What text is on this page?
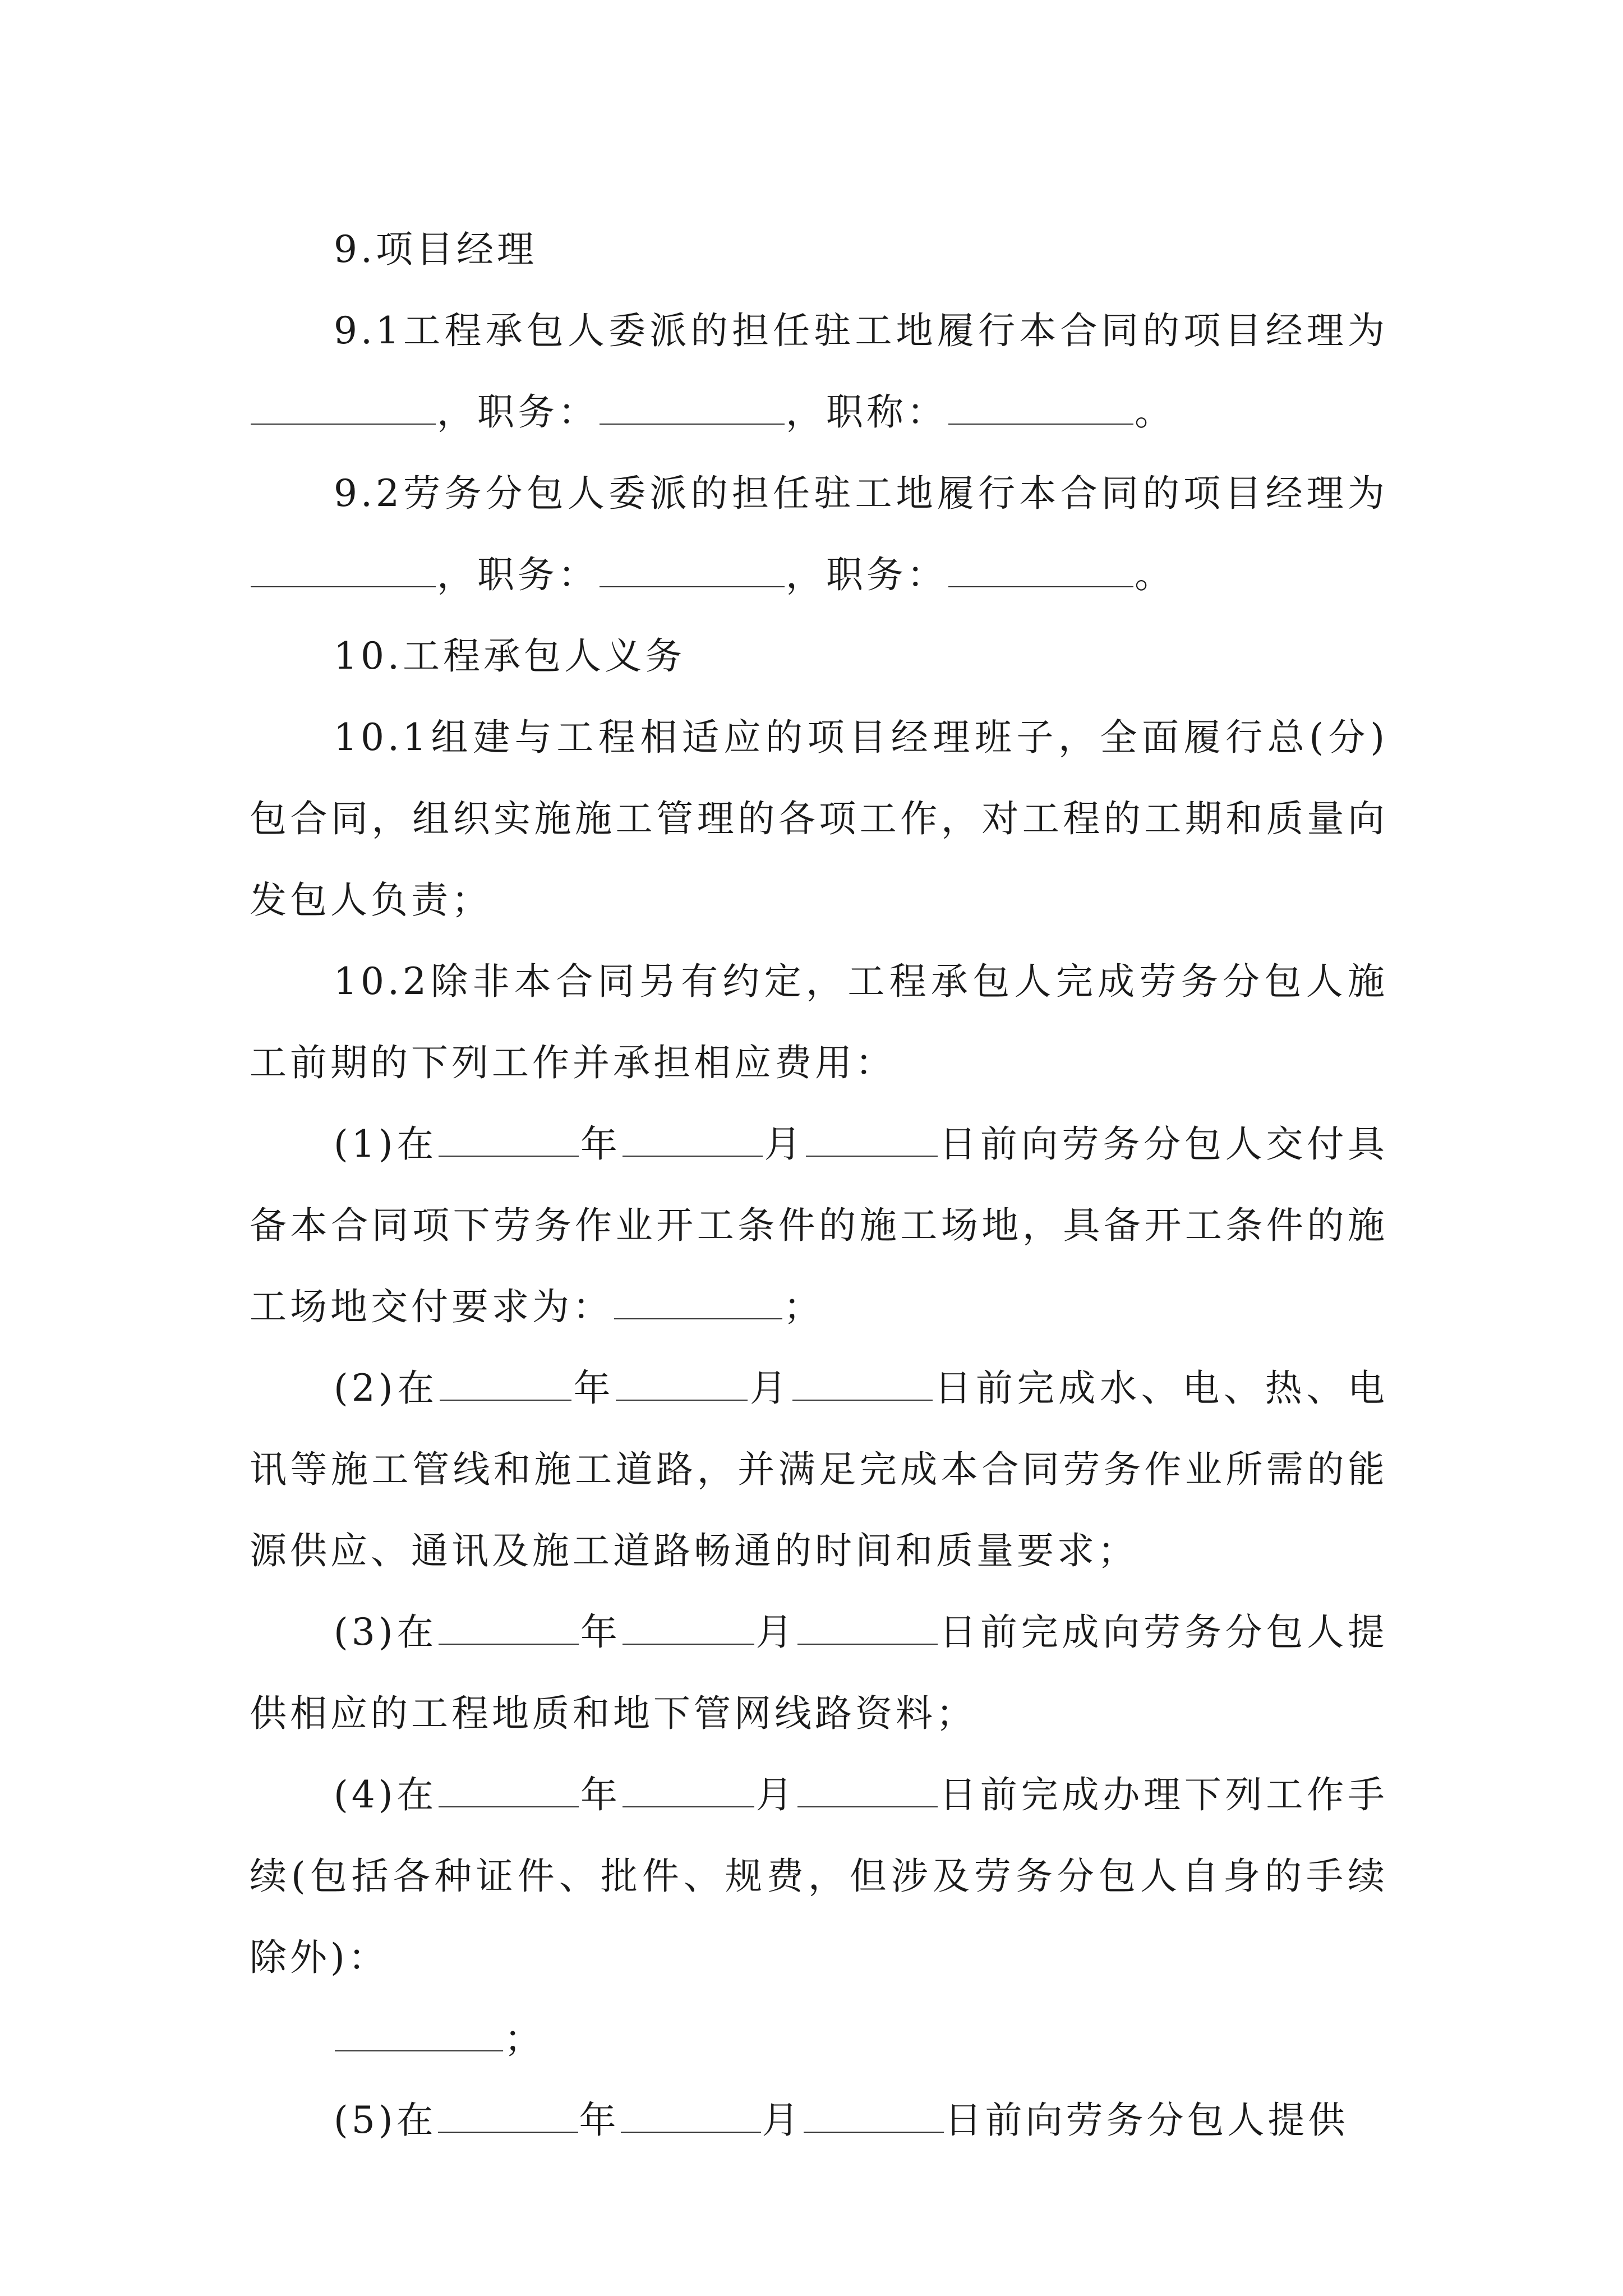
9.项目经理

9.1工程承包人委派的担任驻工地履行本合同的项目经理为，职务：	，职称：	。

9.2劳务分包人委派的担任驻工地履行本合同的项目经理为，职务：	，职务：	。

10.工程承包人义务

10.1组建与工程相适应的项目经理班子，全面履行总(分)包合同，组织实施施工管理的各项工作，对工程的工期和质量向发包人负责；

10.2除非本合同另有约定，工程承包人完成劳务分包人施工前期的下列工作并承担相应费用：

(1)在	年	月	日前向劳务分包人交付具备本合同项下劳务作业开工条件的施工场地，具备开工条件的施工场地交付要求为：	；

(2)在	年	月	日前完成水、电、热、电讯等施工管线和施工道路，并满足完成本合同劳务作业所需的能源供应、通讯及施工道路畅通的时间和质量要求；

(3)在	年	月	日前完成向劳务分包人提供相应的工程地质和地下管网线路资料；

(4)在	年	月	日前完成办理下列工作手续(包括各种证件、批件、规费，但涉及劳务分包人自身的手续除外)：

；

(5)在	年	月	日前向劳务分包人提供
